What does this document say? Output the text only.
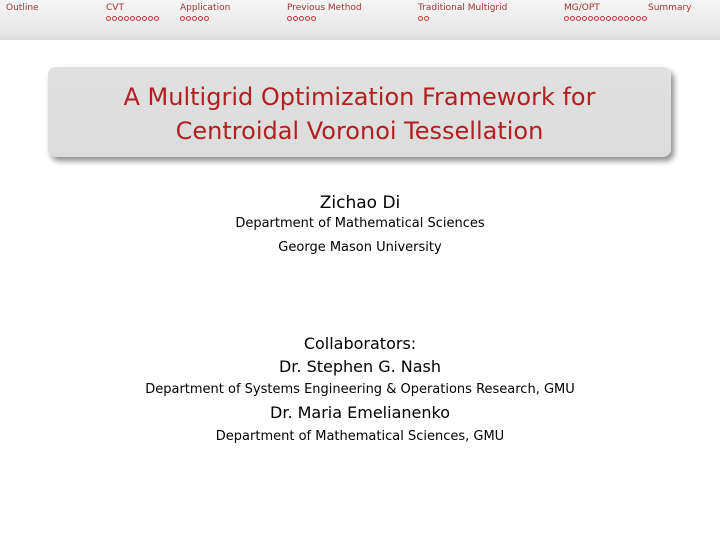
Outline	CVT	Application	Previous Method	Traditional Multigrid	MG/OPT	Summary
A Multigrid Optimization Framework for
Centroidal Voronoi Tessellation
Zichao Di
Department of Mathematical Sciences
George Mason University
Collaborators:
Dr. Stephen G. Nash
Department of Systems Engineering & Operations Research, GMU
Dr. Maria Emelianenko
Department of Mathematical Sciences, GMU
